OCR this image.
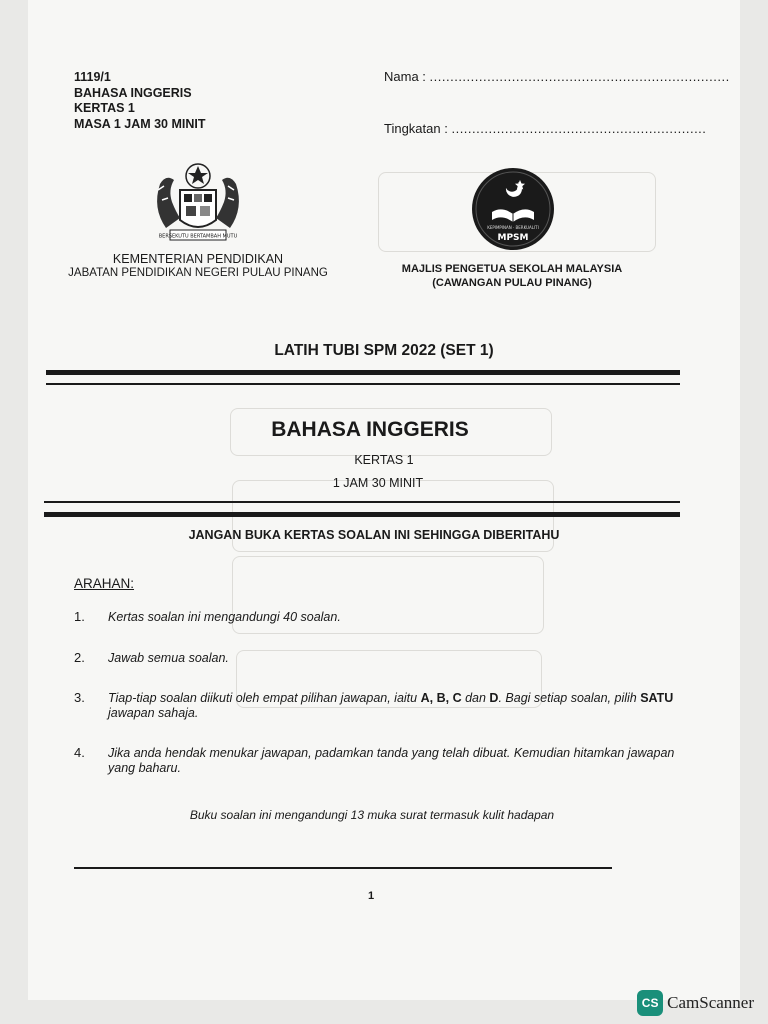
1119/1
BAHASA INGGERIS
KERTAS 1
MASA 1 JAM 30 MINIT
Nama : .........................................................................
Tingkatan : ..............................................................
BERSEKUTU BERTAMBAH MUTU
KEPIMPINAN · BERKUALITI
MPSM
KEMENTERIAN PENDIDIKAN
JABATAN PENDIDIKAN NEGERI PULAU PINANG	MAJLIS PENGETUA SEKOLAH MALAYSIA
(CAWANGAN PULAU PINANG)
LATIH TUBI SPM 2022 (SET 1)
BAHASA INGGERIS
KERTAS 1
1 JAM 30 MINIT
JANGAN BUKA KERTAS SOALAN INI SEHINGGA DIBERITAHU
ARAHAN:
1. Kertas soalan ini mengandungi 40 soalan.
2. Jawab semua soalan.
3. Tiap-tiap soalan diikuti oleh empat pilihan jawapan, iaitu A, B, C dan D. Bagi setiap soalan, pilih SATU jawapan sahaja.
4. Jika anda hendak menukar jawapan, padamkan tanda yang telah dibuat. Kemudian hitamkan jawapan yang baharu.
Buku soalan ini mengandungi 13 muka surat termasuk kulit hadapan
1
CS CamScanner
